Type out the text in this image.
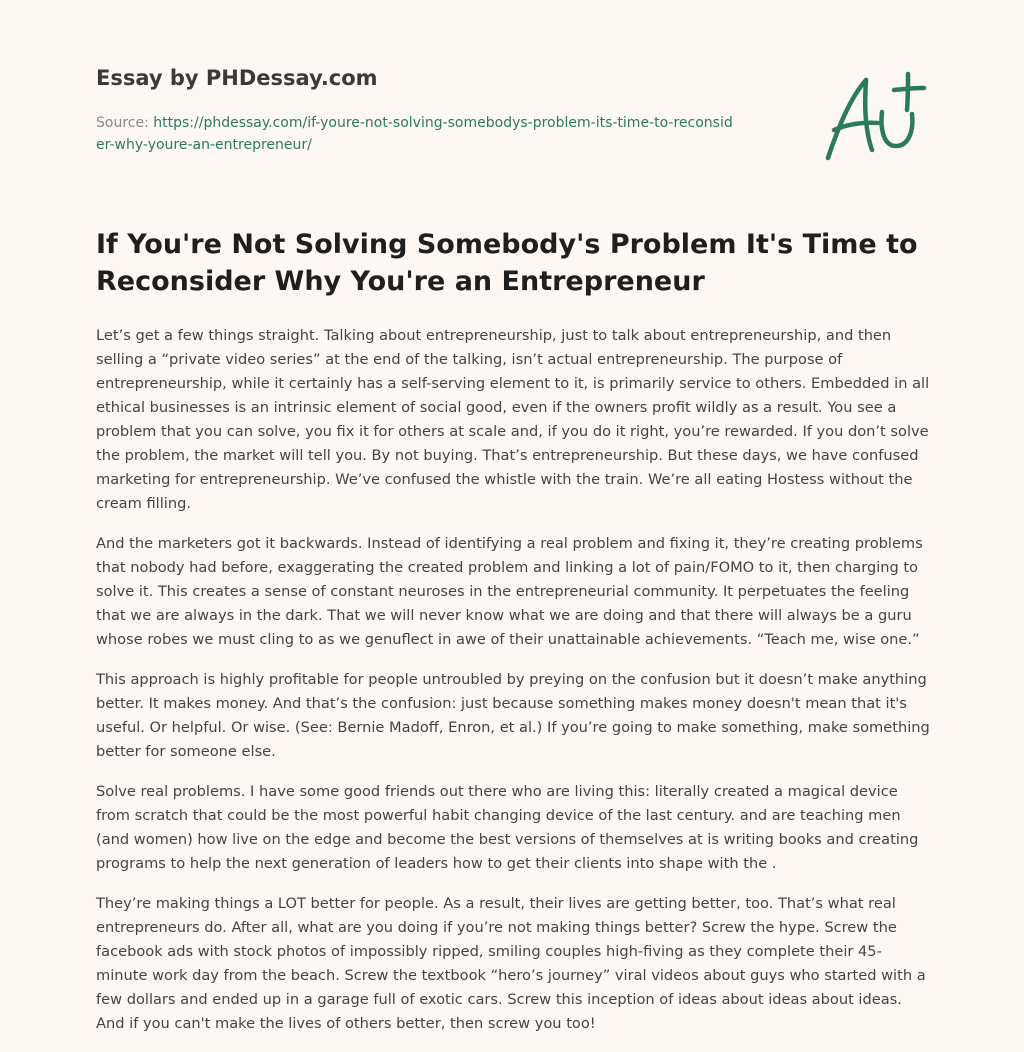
Essay by PHDessay.com
Source: https://phdessay.com/if-youre-not-solving-somebodys-problem-its-time-to-reconsider-why-youre-an-entrepreneur/
If You're Not Solving Somebody's Problem It's Time to Reconsider Why You're an Entrepreneur

Let’s get a few things straight. Talking about entrepreneurship, just to talk about entrepreneurship, and then selling a “private video series” at the end of the talking, isn’t actual entrepreneurship. The purpose of entrepreneurship, while it certainly has a self-serving element to it, is primarily service to others. Embedded in all ethical businesses is an intrinsic element of social good, even if the owners profit wildly as a result. You see a problem that you can solve, you fix it for others at scale and, if you do it right, you’re rewarded. If you don’t solve the problem, the market will tell you. By not buying. That’s entrepreneurship. But these days, we have confused marketing for entrepreneurship. We’ve confused the whistle with the train. We’re all eating Hostess without the cream filling.

And the marketers got it backwards. Instead of identifying a real problem and fixing it, they’re creating problems that nobody had before, exaggerating the created problem and linking a lot of pain/FOMO to it, then charging to solve it. This creates a sense of constant neuroses in the entrepreneurial community. It perpetuates the feeling that we are always in the dark. That we will never know what we are doing and that there will always be a guru whose robes we must cling to as we genuflect in awe of their unattainable achievements. “Teach me, wise one.”

This approach is highly profitable for people untroubled by preying on the confusion but it doesn’t make anything better. It makes money. And that’s the confusion: just because something makes money doesn't mean that it's useful. Or helpful. Or wise. (See: Bernie Madoff, Enron, et al.) If you’re going to make something, make something better for someone else.

Solve real problems. I have some good friends out there who are living this: literally created a magical device from scratch that could be the most powerful habit changing device of the last century. and are teaching men (and women) how live on the edge and become the best versions of themselves at is writing books and creating programs to help the next generation of leaders how to get their clients into shape with the .

They’re making things a LOT better for people. As a result, their lives are getting better, too. That’s what real entrepreneurs do. After all, what are you doing if you’re not making things better? Screw the hype. Screw the facebook ads with stock photos of impossibly ripped, smiling couples high-fiving as they complete their 45-minute work day from the beach. Screw the textbook “hero’s journey” viral videos about guys who started with a few dollars and ended up in a garage full of exotic cars. Screw this inception of ideas about ideas about ideas. And if you can't make the lives of others better, then screw you too!
